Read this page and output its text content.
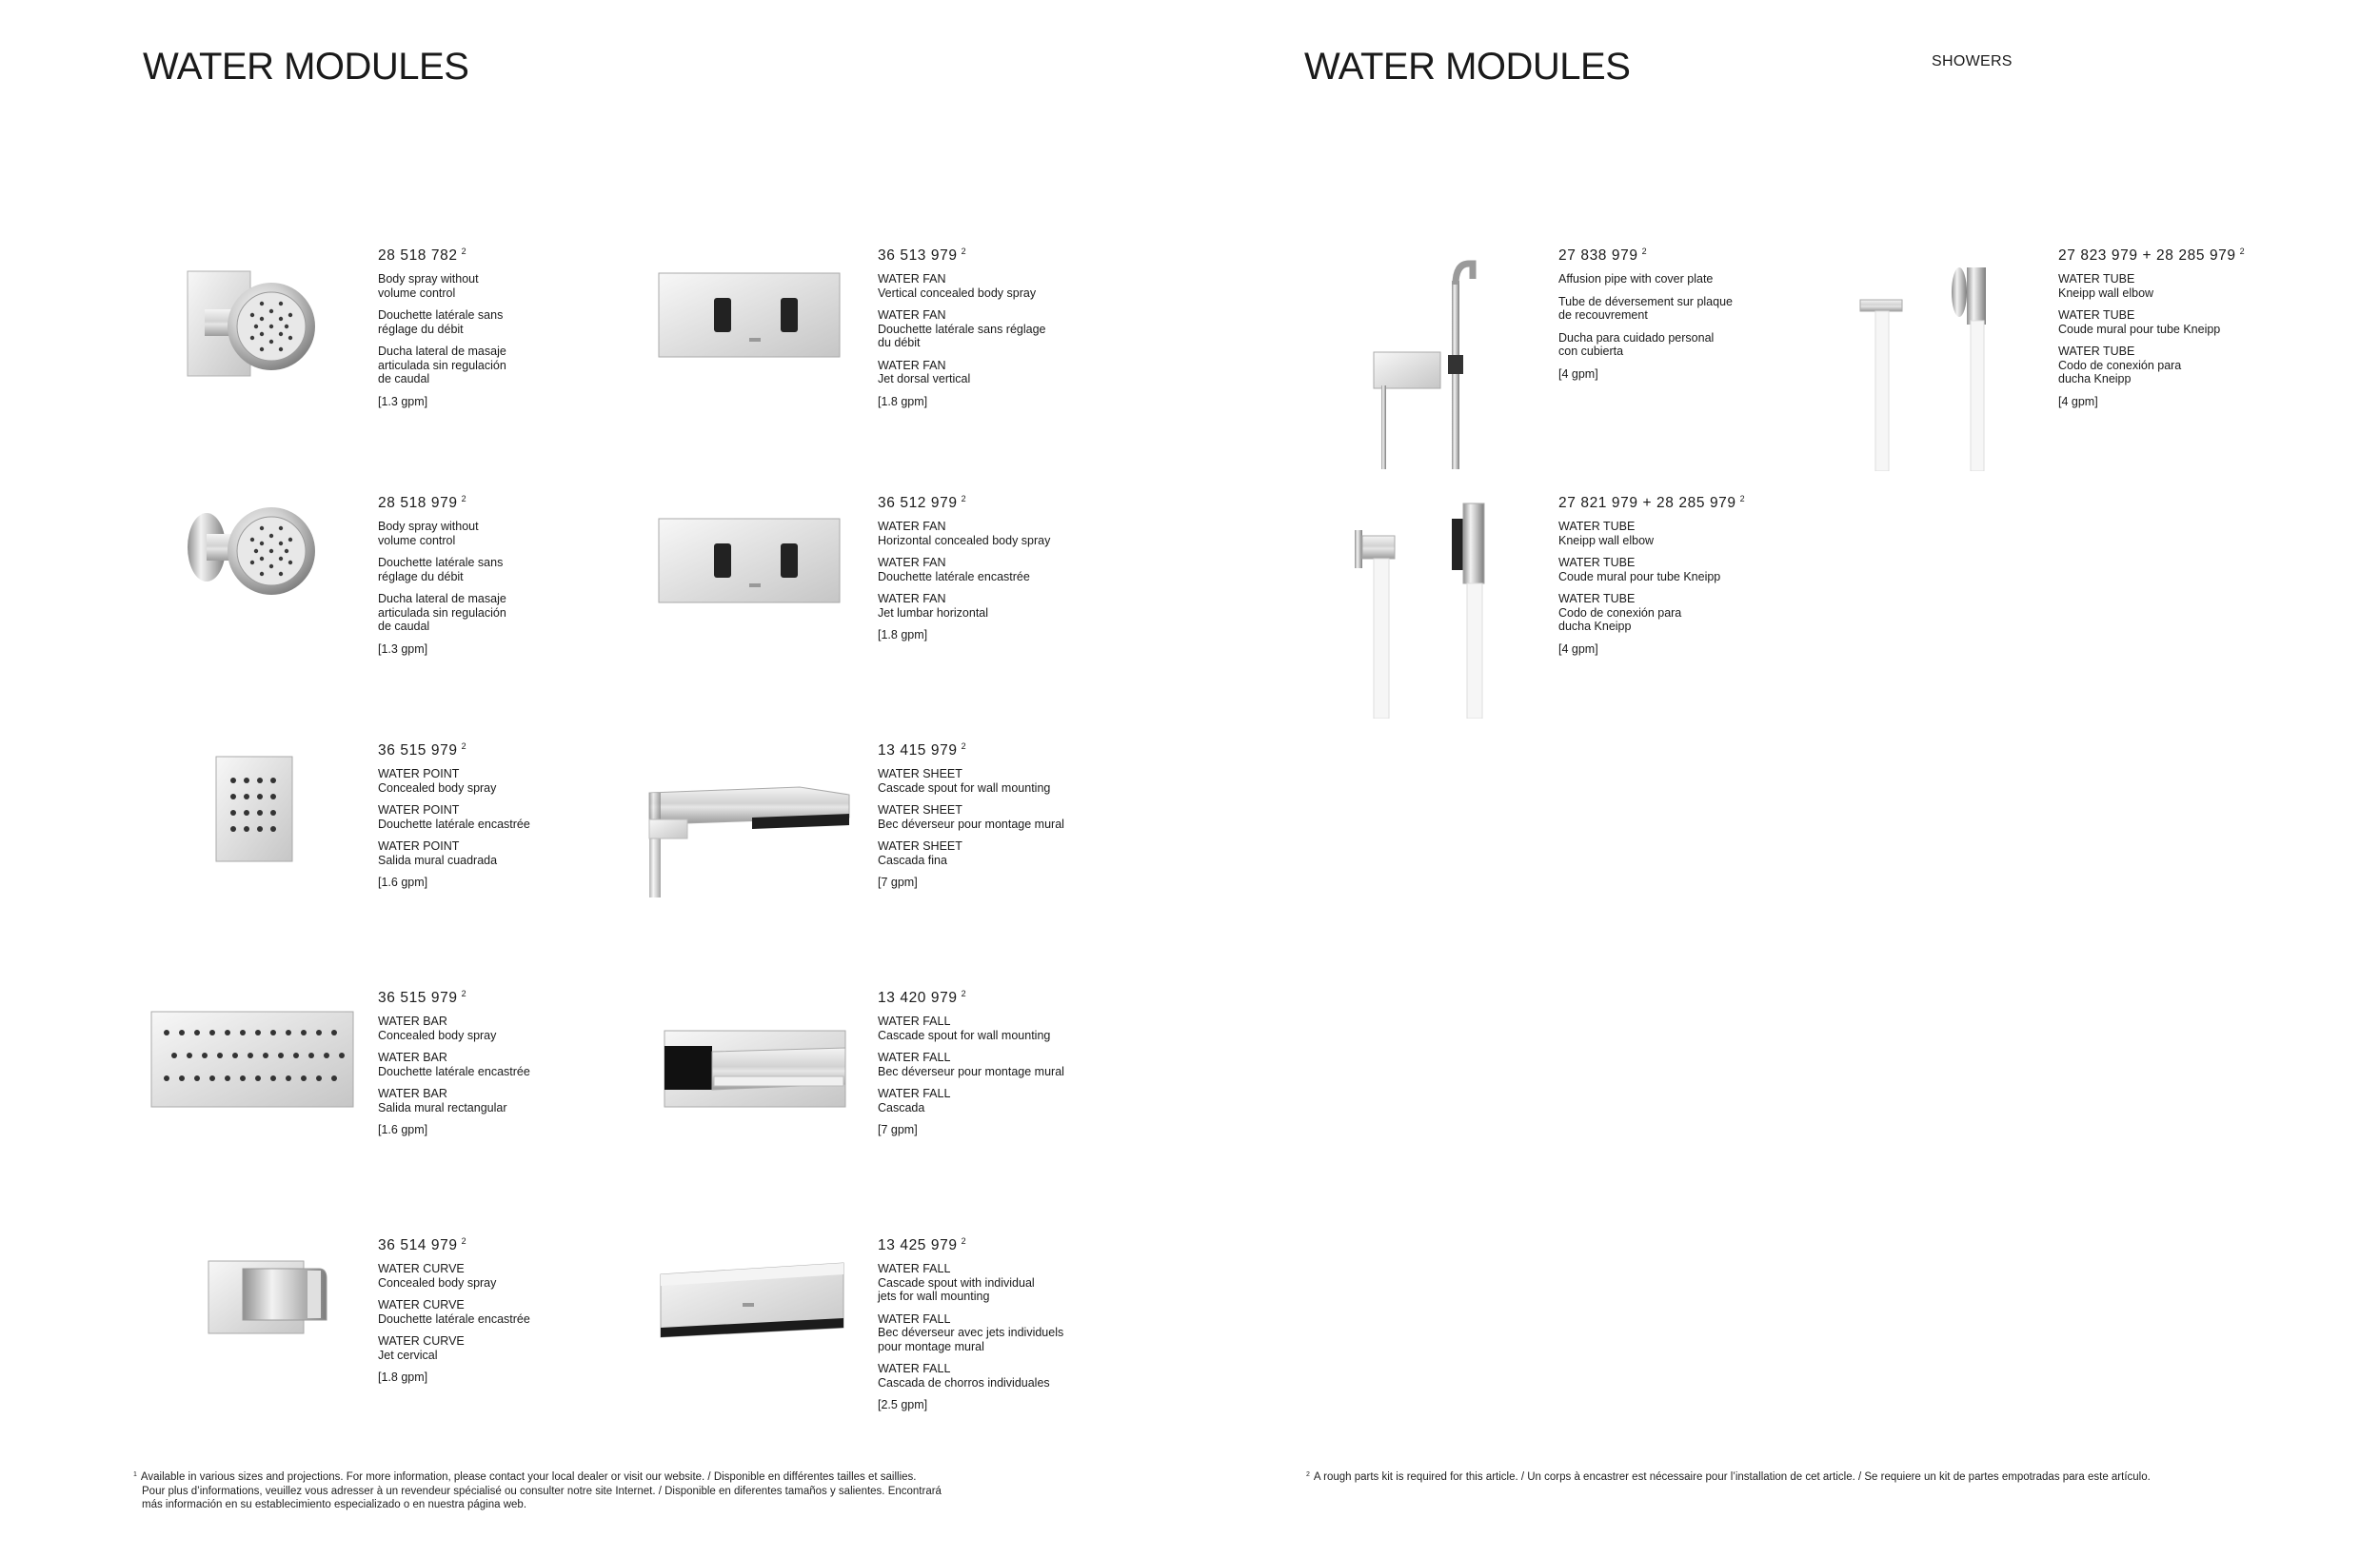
WATER MODULES	WATER MODULES	SHOWERS
28 518 782 $^2$
Body spray without
volume control
Douchette latérale sans
réglage du débit
Ducha lateral de masaje
articulada sin regulación
de caudal
[1.3 gpm]
36 513 979 $^2$
WATER FAN
Vertical concealed body spray
WATER FAN
Douchette latérale sans réglage
du débit
WATER FAN
Jet dorsal vertical
[1.8 gpm]
28 518 979 $^2$
Body spray without
volume control
Douchette latérale sans
réglage du débit
Ducha lateral de masaje
articulada sin regulación
de caudal
[1.3 gpm]
36 512 979 $^2$
WATER FAN
Horizontal concealed body spray
WATER FAN
Douchette latérale encastrée
WATER FAN
Jet lumbar horizontal
[1.8 gpm]
36 515 979 $^2$
WATER POINT
Concealed body spray
WATER POINT
Douchette latérale encastrée
WATER POINT
Salida mural cuadrada
[1.6 gpm]
13 415 979 $^2$
WATER SHEET
Cascade spout for wall mounting
WATER SHEET
Bec déverseur pour montage mural
WATER SHEET
Cascada fina
[7 gpm]
36 515 979 $^2$
WATER BAR
Concealed body spray
WATER BAR
Douchette latérale encastrée
WATER BAR
Salida mural rectangular
[1.6 gpm]
13 420 979 $^2$
WATER FALL
Cascade spout for wall mounting
WATER FALL
Bec déverseur pour montage mural
WATER FALL
Cascada
[7 gpm]
36 514 979 $^2$
WATER CURVE
Concealed body spray
WATER CURVE
Douchette latérale encastrée
WATER CURVE
Jet cervical
[1.8 gpm]
13 425 979 $^2$
WATER FALL
Cascade spout with individual
jets for wall mounting
WATER FALL
Bec déverseur avec jets individuels
pour montage mural
WATER FALL
Cascada de chorros individuales
[2.5 gpm]
27 838 979 $^2$
Affusion pipe with cover plate
Tube de déversement sur plaque
de recouvrement
Ducha para cuidado personal
con cubierta
[4 gpm]
27 823 979 + 28 285 979 $^2$
WATER TUBE
Kneipp wall elbow
WATER TUBE
Coude mural pour tube Kneipp
WATER TUBE
Codo de conexión para
ducha Kneipp
[4 gpm]
27 821 979 + 28 285 979 $^2$
WATER TUBE
Kneipp wall elbow
WATER TUBE
Coude mural pour tube Kneipp
WATER TUBE
Codo de conexión para
ducha Kneipp
[4 gpm]
$^1$ Available in various sizes and projections. For more information, please contact your local dealer or visit our website. / Disponible en différentes tailles et saillies.
Pour plus d’informations, veuillez vous adresser à un revendeur spécialisé ou consulter notre site Internet. / Disponible en diferentes tamaños y salientes. Encontrará
más información en su establecimiento especializado o en nuestra página web.
$^2$ A rough parts kit is required for this article. / Un corps à encastrer est nécessaire pour l’installation de cet article. / Se requiere un kit de partes empotradas para este artículo.
